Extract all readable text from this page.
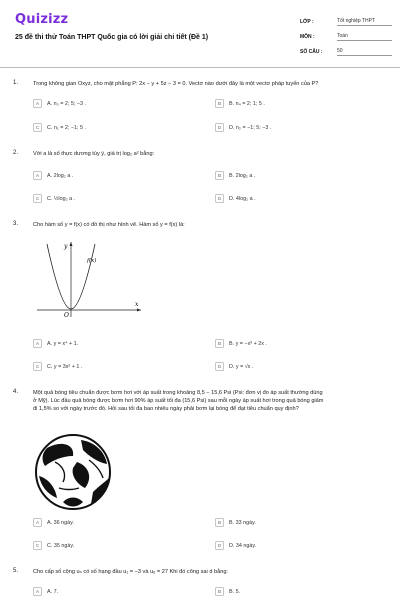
Quizizz
25 đề thi thử Toán THPT Quốc gia có lời giải chi tiết (Đề 1)
LỚP :	Tốt nghiệp THPT
MÔN :	Toán
SỐ CÂU :	50
1.	Trong không gian Oxyz, cho mặt phẳng P: 2x − y + 5z − 3 = 0. Vectơ nào dưới đây là một vectơ pháp tuyến của P?
A	A. n₃ = 2; 5; −3 .	B	B. n₄ = 2; 1; 5 .
C	C. n₁ = 2; −1; 5 .	D	D. n₂ = −1; 5; −3 .
2.	Với a là số thực dương tùy ý, giá trị log₂ a² bằng:
A	A. 2log₂ a .	B	B. 2log₂ a .
C	C. ½log₂ a .	D	D. 4log₂ a .
3.	Cho hàm số y = f(x) có đồ thị như hình vẽ. Hàm số y = f(x) là:
y
x
f(x)
O
A	A. y = x⁴ + 1.	B	B. y = −x³ + 2x .
C	C. y = 3x² + 1 .	D	D. y = √x .
4.	Một quả bóng tiêu chuẩn được bơm hơi với áp suất trong khoảng 8,5 − 15,6 Psi (Psi: đơn vị đo áp suất thường dùng
ở Mỹ). Lúc đầu quả bóng được bơm hơi 90% áp suất tối đa (15,6 Psi) sau mỗi ngày áp suất hơi trong quả bóng giảm
đi 1,5% so với ngày trước đó. Hỏi sau tối đa bao nhiêu ngày phải bơm lại bóng để đạt tiêu chuẩn quy định?
A	A. 36 ngày.	B	B. 33 ngày.
C	C. 35 ngày.	D	D. 34 ngày.
5.	Cho cấp số cộng uₙ có số hạng đầu u₁ = −3 và u₆ = 27 Khi đó công sai d bằng:
A	A. 7.	B	B. 5.
